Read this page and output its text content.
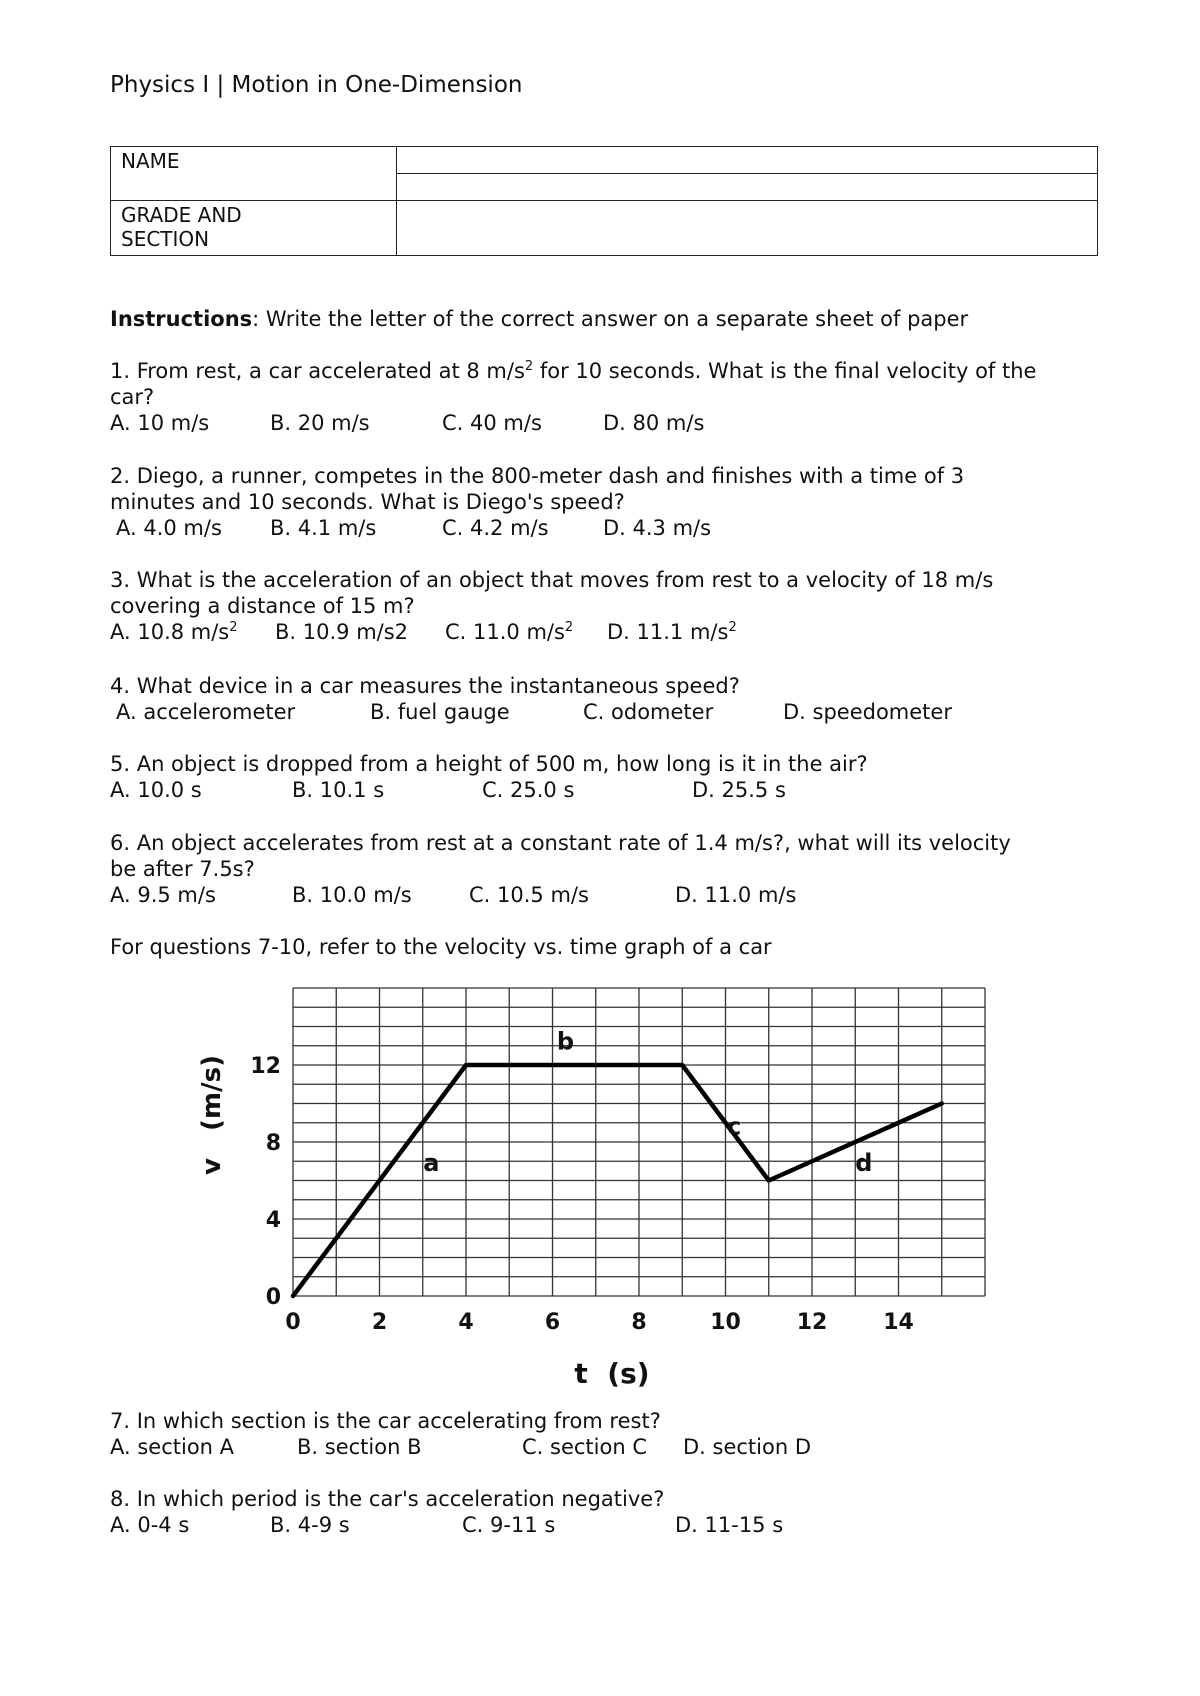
Physics I | Motion in One-Dimension
NAME
GRADE AND
SECTION
Instructions: Write the letter of the correct answer on a separate sheet of paper
1. From rest, a car accelerated at 8 $m/s^2$ for 10 seconds. What is the final velocity of the
car?
A. 10 m/s	B. 20 m/s	C. 40 m/s	D. 80 m/s
2. Diego, a runner, competes in the 800-meter dash and finishes with a time of 3
minutes and 10 seconds. What is Diego's speed?
A. 4.0 m/s B. 4.1 m/s	C. 4.2 m/s	D. 4.3 m/s
3. What is the acceleration of an object that moves from rest to a velocity of 18 m/s
covering a distance of 15 m?
A. 10.8 $m/s^2$ B. 10.9 m/s2 C. 11.0 $m/s^2$ D. 11.1 $m/s^2$
4. What device in a car measures the instantaneous speed?
A. accelerometer	B. fuel gauge	C. odometer	D. speedometer
5. An object is dropped from a height of 500 m, how long is it in the air?
A. 10.0 s	B. 10.1 s	C. 25.0 s	D. 25.5 s
6. An object accelerates from rest at a constant rate of 1.4 m/s?, what will its velocity
be after 7.5s?
A. 9.5 m/s	B. 10.0 m/s	C. 10.5 m/s	D. 11.0 m/s
For questions 7-10, refer to the velocity vs. time graph of a car
0	2	4	6	8	10	12	14
0
4
8
12
a
b
c
d
t  (s)
v   (m/s)
7. In which section is the car accelerating from rest?
A. section A	B. section B	C. section C D. section D
8. In which period is the car's acceleration negative?
A. 0-4 s	B. 4-9 s	C. 9-11 s	D. 11-15 s
